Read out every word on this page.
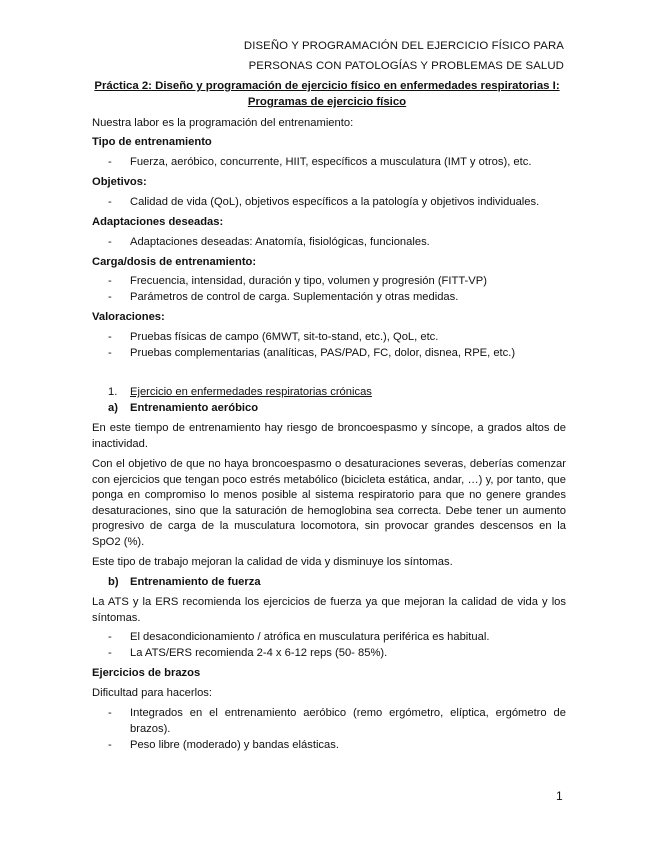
DISEÑO Y PROGRAMACIÓN DEL EJERCICIO FÍSICO PARA
PERSONAS CON PATOLOGÍAS Y PROBLEMAS DE SALUD
Práctica 2: Diseño y programación de ejercicio físico en enfermedades respiratorias I:
Programas de ejercicio físico
Nuestra labor es la programación del entrenamiento:
Tipo de entrenamiento
- Fuerza, aeróbico, concurrente, HIIT, específicos a musculatura (IMT y otros), etc.
Objetivos:
- Calidad de vida (QoL), objetivos específicos a la patología y objetivos individuales.
Adaptaciones deseadas:
- Adaptaciones deseadas: Anatomía, fisiológicas, funcionales.
Carga/dosis de entrenamiento:
- Frecuencia, intensidad, duración y tipo, volumen y progresión (FITT-VP)
- Parámetros de control de carga. Suplementación y otras medidas.
Valoraciones:
- Pruebas físicas de campo (6MWT, sit-to-stand, etc.), QoL, etc.
- Pruebas complementarias (analíticas, PAS/PAD, FC, dolor, disnea, RPE, etc.)
1. Ejercicio en enfermedades respiratorias crónicas
a) Entrenamiento aeróbico
En este tiempo de entrenamiento hay riesgo de broncoespasmo y síncope, a grados altos de inactividad.
Con el objetivo de que no haya broncoespasmo o desaturaciones severas, deberías comenzar con ejercicios que tengan poco estrés metabólico (bicicleta estática, andar, …) y, por tanto, que ponga en compromiso lo menos posible al sistema respiratorio para que no genere grandes desaturaciones, sino que la saturación de hemoglobina sea correcta. Debe tener un aumento progresivo de carga de la musculatura locomotora, sin provocar grandes descensos en la SpO2 (%).
Este tipo de trabajo mejoran la calidad de vida y disminuye los síntomas.
b) Entrenamiento de fuerza
La ATS y la ERS recomienda los ejercicios de fuerza ya que mejoran la calidad de vida y los síntomas.
- El desacondicionamiento / atrófica en musculatura periférica es habitual.
- La ATS/ERS recomienda 2-4 x 6-12 reps (50- 85%).
Ejercicios de brazos
Dificultad para hacerlos:
- Integrados en el entrenamiento aeróbico (remo ergómetro, elíptica, ergómetro de brazos).
- Peso libre (moderado) y bandas elásticas.
1
